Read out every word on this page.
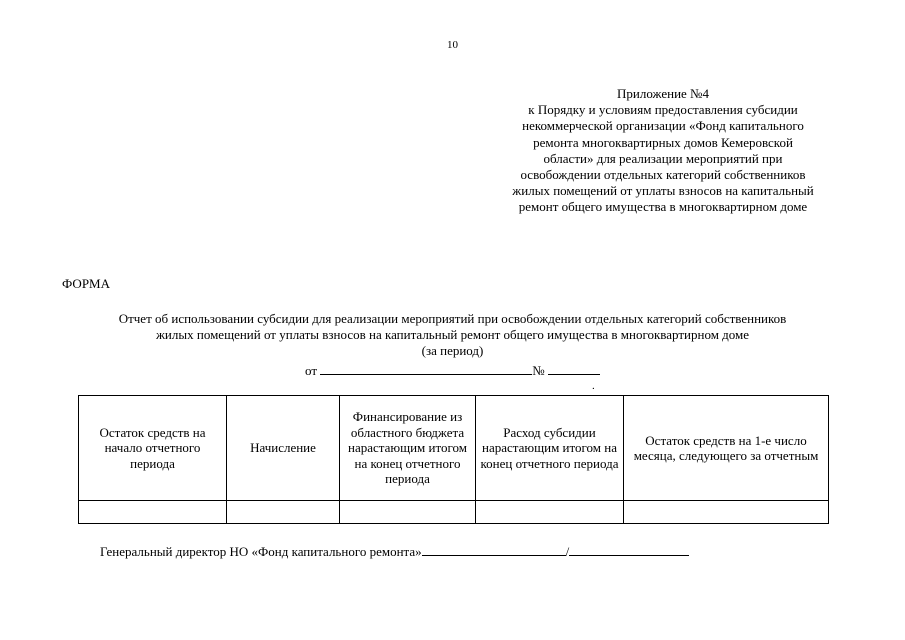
10
Приложение №4
к Порядку и условиям предоставления субсидии
некоммерческой организации «Фонд капитального
ремонта многоквартирных домов Кемеровской
области» для реализации мероприятий при
освобождении отдельных категорий собственников
жилых помещений от уплаты взносов на капитальный
ремонт общего имущества в многоквартирном доме
ФОРМА
Отчет об использовании субсидии для реализации мероприятий при освобождении отдельных категорий собственников
жилых помещений от уплаты взносов на капитальный ремонт общего имущества в многоквартирном доме
(за период)
от	№
.
Остаток средств на начало отчетного периода	Начисление	Финансирование из областного бюджета нарастающим итогом на конец отчетного периода	Расход субсидии нарастающим итогом на конец отчетного периода	Остаток средств на 1-е число месяца, следующего за отчетным

Генеральный директор НО «Фонд капитального ремонта»	/
